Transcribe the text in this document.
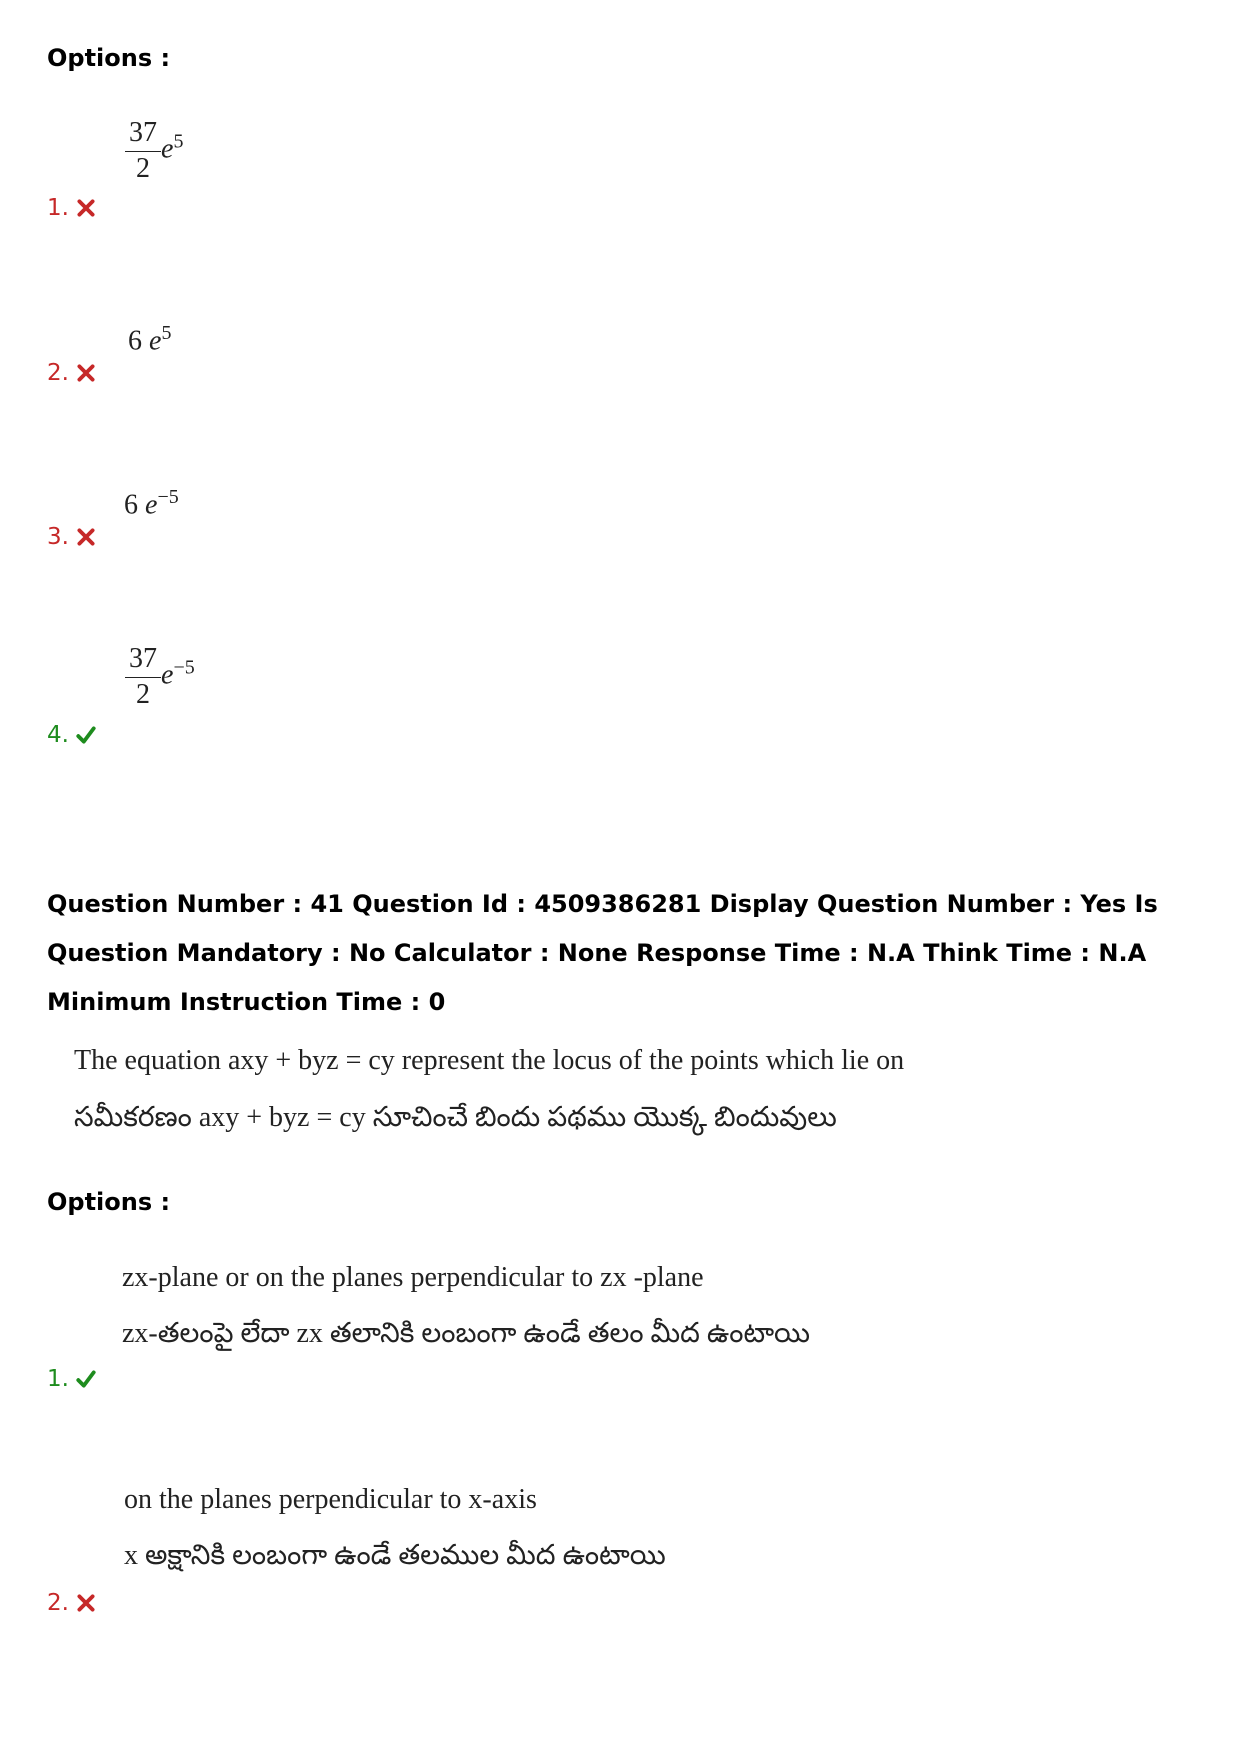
Options :
$\frac{37}{2} e^5$
1.
6 $e^5$
2.
6 $e^{-5}$
3.
$\frac{37}{2} e^{-5}$
4.
Question Number : 41 Question Id : 4509386281 Display Question Number : Yes Is Question Mandatory : No Calculator : None Response Time : N.A Think Time : N.A Minimum Instruction Time : 0
The equation axy + byz = cy represent the locus of the points which lie on
సమీకరణం axy + byz = cy సూచించే బిందు పథము యొక్క బిందువులు
Options :
zx-plane or on the planes perpendicular to zx -plane
zx-తలంపై లేదా zx తలానికి లంబంగా ఉండే తలం మీద ఉంటాయి
1.
on the planes perpendicular to x-axis
x అక్షానికి లంబంగా ఉండే తలముల మీద ఉంటాయి
2.
